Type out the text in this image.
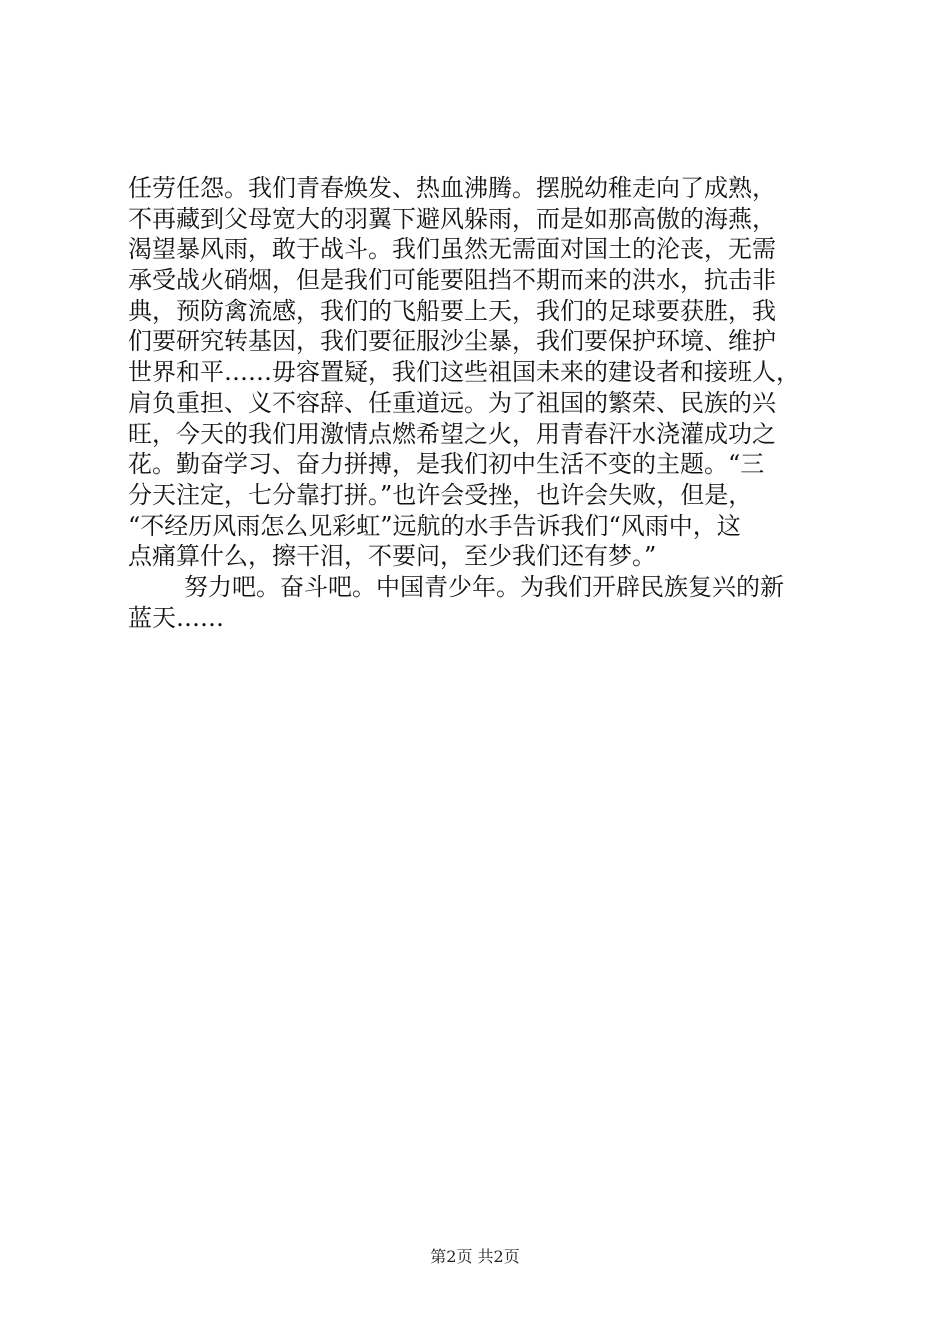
任劳任怨。我们青春焕发、热血沸腾。摆脱幼稚走向了成熟，
不再藏到父母宽大的羽翼下避风躲雨，而是如那高傲的海燕，
渴望暴风雨，敢于战斗。我们虽然无需面对国土的沦丧，无需
承受战火硝烟，但是我们可能要阻挡不期而来的洪水，抗击非
典，预防禽流感，我们的飞船要上天，我们的足球要获胜，我
们要研究转基因，我们要征服沙尘暴，我们要保护环境、维护
世界和平……毋容置疑，我们这些祖国未来的建设者和接班人，
肩负重担、义不容辞、任重道远。为了祖国的繁荣、民族的兴
旺，今天的我们用激情点燃希望之火，用青春汗水浇灌成功之
花。勤奋学习、奋力拼搏，是我们初中生活不变的主题。“三
分天注定，七分靠打拼。”也许会受挫，也许会失败，但是，
“不经历风雨怎么见彩虹”远航的水手告诉我们“风雨中，这
点痛算什么，擦干泪，不要问，至少我们还有梦。”
努力吧。奋斗吧。中国青少年。为我们开辟民族复兴的新
蓝天……
第2页 共2页
